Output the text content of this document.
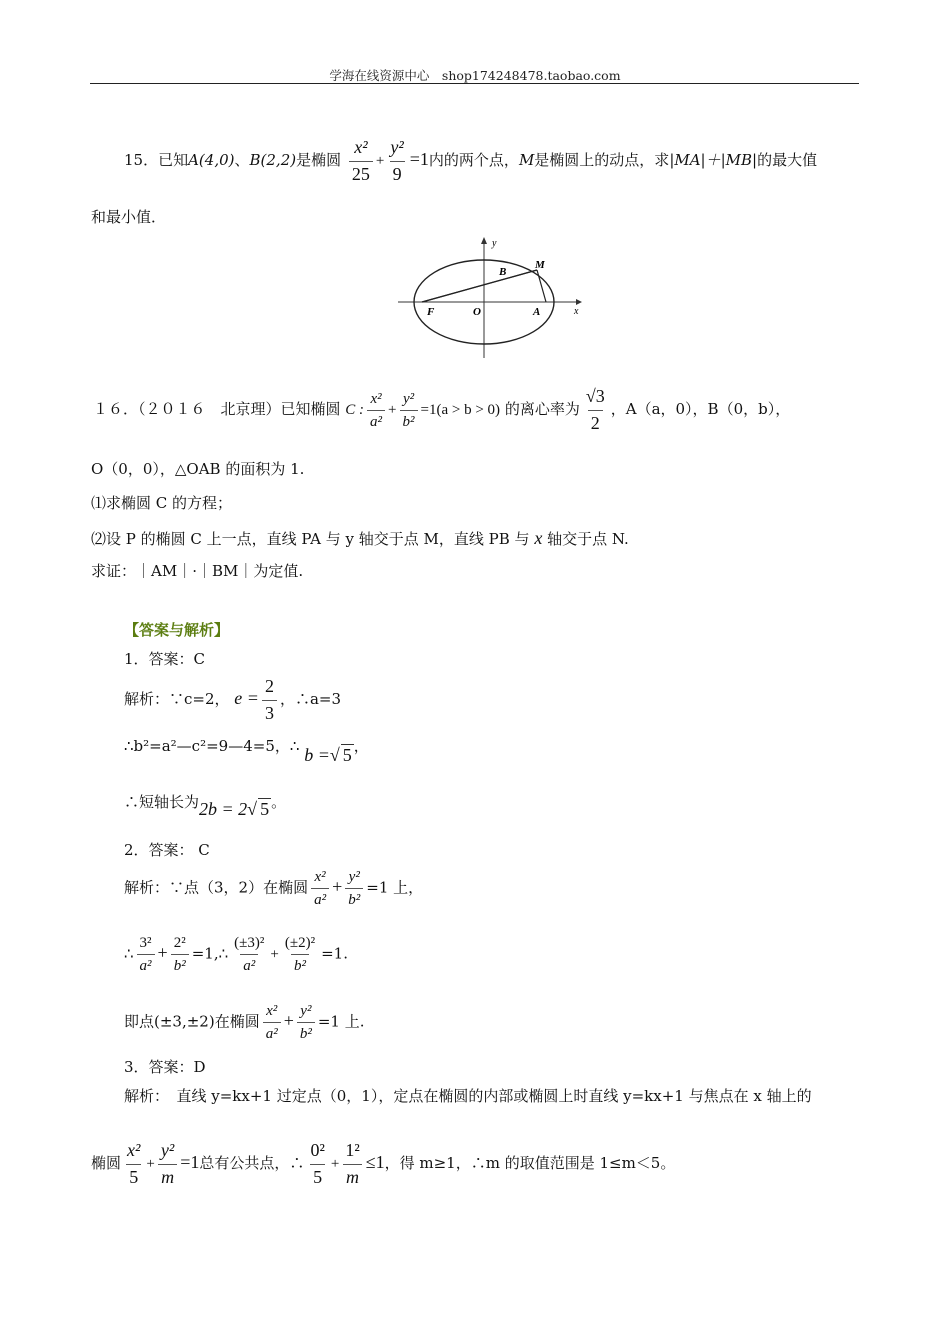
学海在线资源中心　shop174248478.taobao.com
15．已知A(4,0)、B(2,2)是椭圆 $\frac{\text{x²}}{25} + \frac{\text{y²}}{9} =1$内的两个点，M是椭圆上的动点，求|MA|＋|MB|的最大值
和最小值．
y
x
B
M
F	O	A
１６．（２０１６　北京理）已知椭圆 C : $\frac{\text{x²}}{\text{a²}} + \frac{\text{y²}}{\text{b²}} =1(a > b > 0)$ 的离心率为 $\frac{√3}{2}$ ，A（a，0），B（0，b），
O（0，0），△OAB 的面积为 1.
⑴求椭圆 C 的方程；
⑵设 P 的椭圆 C 上一点，直线 PA 与 y 轴交于点 M，直线 PB 与 x 轴交于点 N.
求证：｜AM｜·｜BM｜为定值.
【答案与解析】
1．答案：C
解析：∵c=2， $e = \frac{2}{3}$ ，∴a=3
∴b²=a²—c²=9—4=5，∴ b =√ 5 ，
∴短轴长为2b = 2√ 5 。
2．答案： C
解析：∵点（3，2）在椭圆 $\frac{\text{x²}}{\text{a²}} + \frac{\text{y²}}{\text{b²}} =1$ 上，
∴ $\frac{\text{3²}}{\text{a²}} + \frac{\text{2²}}{\text{b²}}$ =1,∴ $\frac{\text{(±3)²}}{\text{a²}} + \frac{\text{(±2)²}}{\text{b²}} =1$.
即点(±3,±2)在椭圆 $\frac{\text{x²}}{\text{a²}} + \frac{\text{y²}}{\text{b²}} =1$ 上.
3．答案：D
解析：　直线 y=kx+1 过定点（0，1），定点在椭圆的内部或椭圆上时直线 y=kx+1 与焦点在 x 轴上的
椭圆 $\frac{\text{x²}}{5} + \frac{\text{y²}}{m} =1$总有公共点，∴ $\frac{\text{0²}}{5} + \frac{\text{1²}}{m} \le 1$，得 m≥1，∴m 的取值范围是 1≤m＜5。
